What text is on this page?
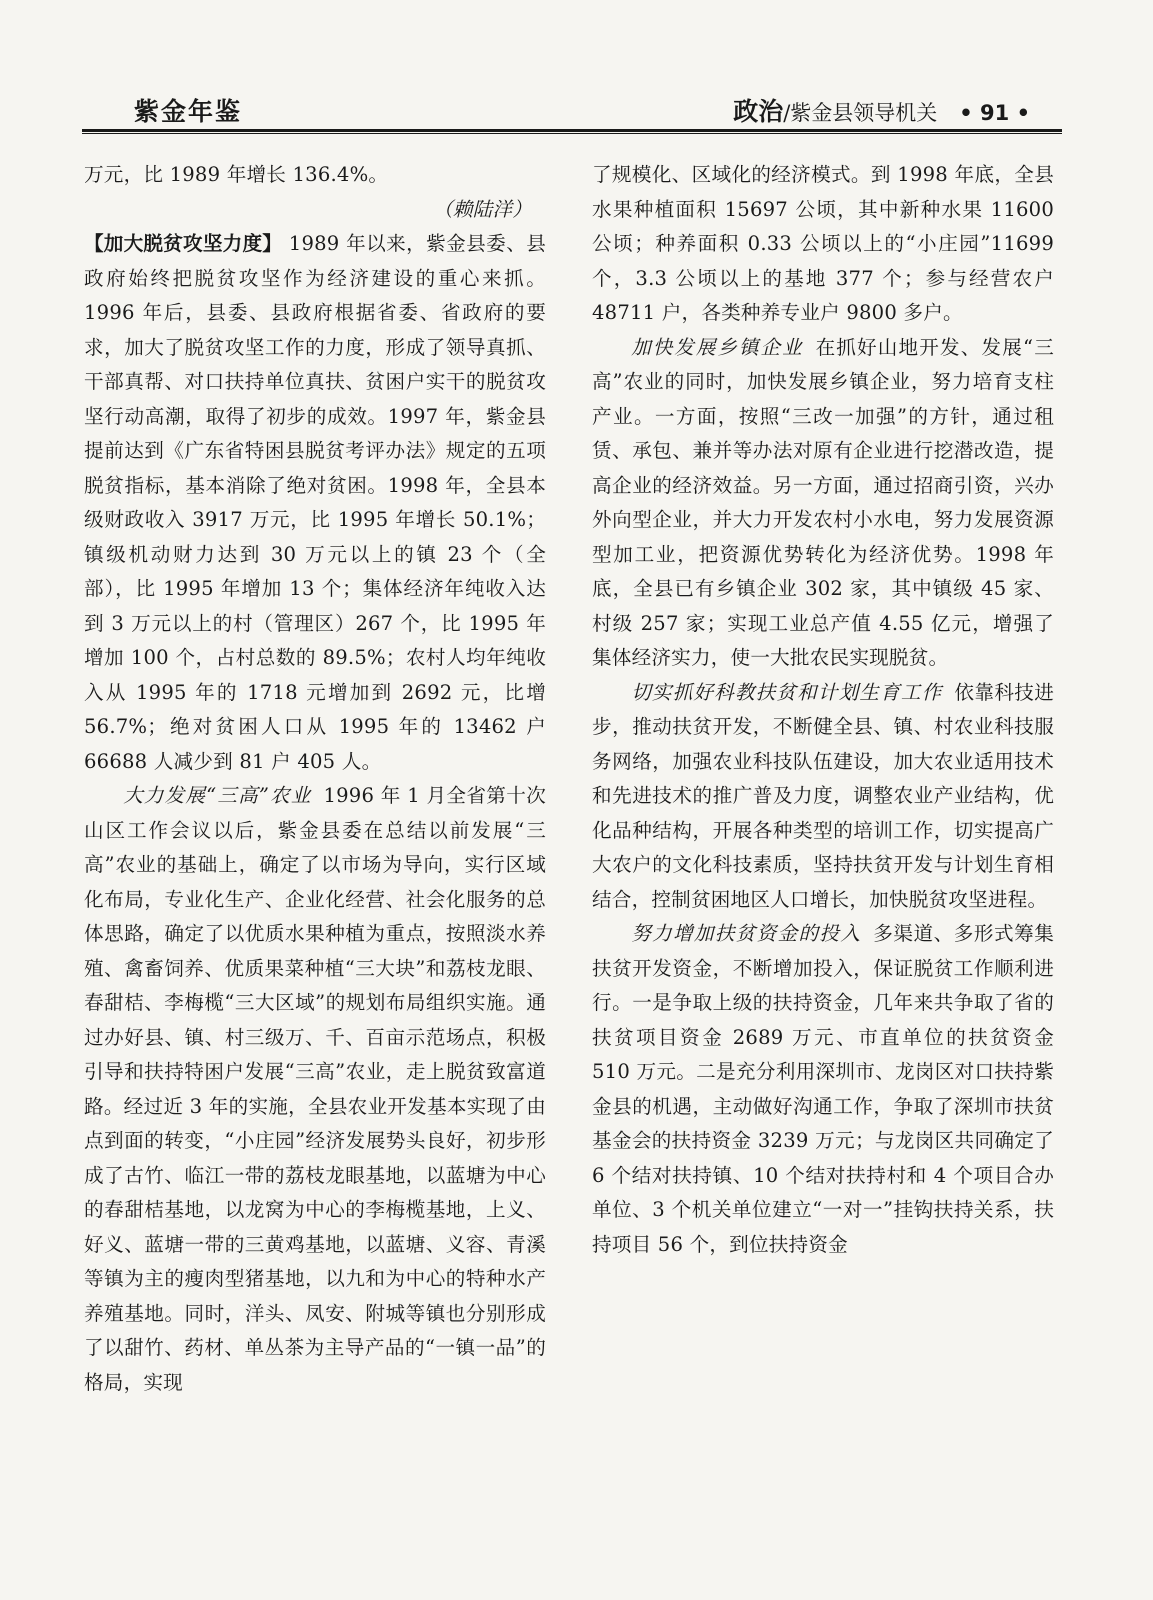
紫金年鉴	政治/紫金县领导机关 • 91 •

万元，比 1989 年增长 136.4%。

（赖陆洋）

【加大脱贫攻坚力度】 1989 年以来，紫金县委、县政府始终把脱贫攻坚作为经济建设的重心来抓。1996 年后，县委、县政府根据省委、省政府的要求，加大了脱贫攻坚工作的力度，形成了领导真抓、干部真帮、对口扶持单位真扶、贫困户实干的脱贫攻坚行动高潮，取得了初步的成效。1997 年，紫金县提前达到《广东省特困县脱贫考评办法》规定的五项脱贫指标，基本消除了绝对贫困。1998 年，全县本级财政收入 3917 万元，比 1995 年增长 50.1%；镇级机动财力达到 30 万元以上的镇 23 个（全部），比 1995 年增加 13 个；集体经济年纯收入达到 3 万元以上的村（管理区）267 个，比 1995 年增加 100 个，占村总数的 89.5%；农村人均年纯收入从 1995 年的 1718 元增加到 2692 元，比增 56.7%；绝对贫困人口从 1995 年的 13462 户 66688 人减少到 81 户 405 人。

大力发展“三高”农业 1996 年 1 月全省第十次山区工作会议以后，紫金县委在总结以前发展“三高”农业的基础上，确定了以市场为导向，实行区域化布局，专业化生产、企业化经营、社会化服务的总体思路，确定了以优质水果种植为重点，按照淡水养殖、禽畜饲养、优质果菜种植“三大块”和荔枝龙眼、春甜桔、李梅榄“三大区域”的规划布局组织实施。通过办好县、镇、村三级万、千、百亩示范场点，积极引导和扶持特困户发展“三高”农业，走上脱贫致富道路。经过近 3 年的实施，全县农业开发基本实现了由点到面的转变，“小庄园”经济发展势头良好，初步形成了古竹、临江一带的荔枝龙眼基地，以蓝塘为中心的春甜桔基地，以龙窝为中心的李梅榄基地，上义、好义、蓝塘一带的三黄鸡基地，以蓝塘、义容、青溪等镇为主的瘦肉型猪基地，以九和为中心的特种水产养殖基地。同时，洋头、凤安、附城等镇也分别形成了以甜竹、药材、单丛茶为主导产品的“一镇一品”的格局，实现

了规模化、区域化的经济模式。到 1998 年底，全县水果种植面积 15697 公顷，其中新种水果 11600 公顷；种养面积 0.33 公顷以上的“小庄园”11699 个，3.3 公顷以上的基地 377 个；参与经营农户 48711 户，各类种养专业户 9800 多户。

加快发展乡镇企业 在抓好山地开发、发展“三高”农业的同时，加快发展乡镇企业，努力培育支柱产业。一方面，按照“三改一加强”的方针，通过租赁、承包、兼并等办法对原有企业进行挖潜改造，提高企业的经济效益。另一方面，通过招商引资，兴办外向型企业，并大力开发农村小水电，努力发展资源型加工业，把资源优势转化为经济优势。1998 年底，全县已有乡镇企业 302 家，其中镇级 45 家、村级 257 家；实现工业总产值 4.55 亿元，增强了集体经济实力，使一大批农民实现脱贫。

切实抓好科教扶贫和计划生育工作 依靠科技进步，推动扶贫开发，不断健全县、镇、村农业科技服务网络，加强农业科技队伍建设，加大农业适用技术和先进技术的推广普及力度，调整农业产业结构，优化品种结构，开展各种类型的培训工作，切实提高广大农户的文化科技素质，坚持扶贫开发与计划生育相结合，控制贫困地区人口增长，加快脱贫攻坚进程。

努力增加扶贫资金的投入 多渠道、多形式筹集扶贫开发资金，不断增加投入，保证脱贫工作顺利进行。一是争取上级的扶持资金，几年来共争取了省的扶贫项目资金 2689 万元、市直单位的扶贫资金 510 万元。二是充分利用深圳市、龙岗区对口扶持紫金县的机遇，主动做好沟通工作，争取了深圳市扶贫基金会的扶持资金 3239 万元；与龙岗区共同确定了 6 个结对扶持镇、10 个结对扶持村和 4 个项目合办单位、3 个机关单位建立“一对一”挂钩扶持关系，扶持项目 56 个，到位扶持资金
